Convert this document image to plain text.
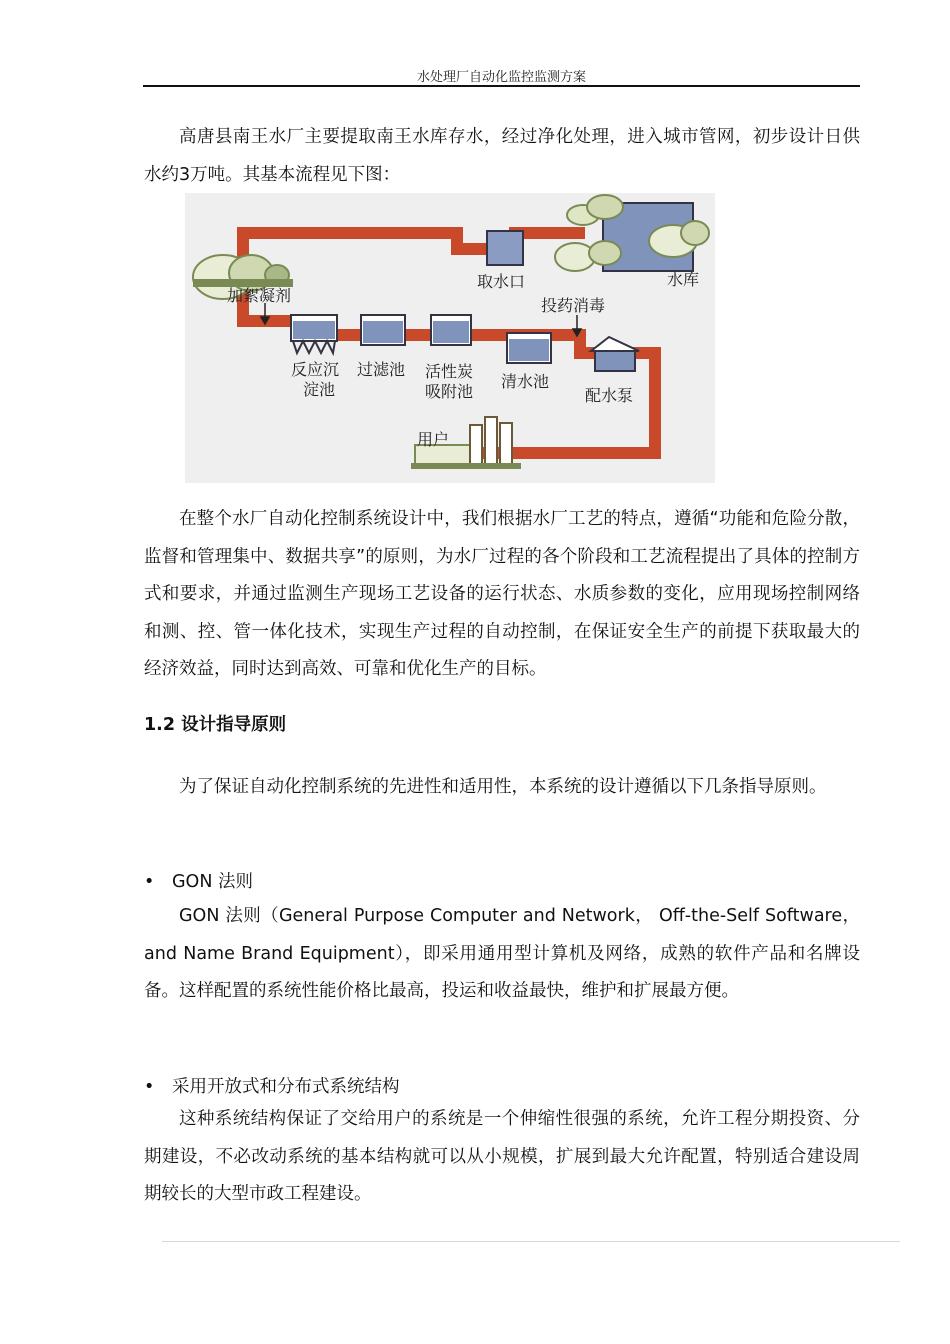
水处理厂自动化监控监测方案

高唐县南王水厂主要提取南王水库存水，经过净化处理，进入城市管网，初步设计日供水约3万吨。其基本流程见下图：

水库
取水口
加絮凝剂
投药消毒
反应沉
淀池
过滤池 活性炭
吸附池
清水池
配水泵
用户

在整个水厂自动化控制系统设计中，我们根据水厂工艺的特点，遵循“功能和危险分散，监督和管理集中、数据共享”的原则，为水厂过程的各个阶段和工艺流程提出了具体的控制方式和要求，并通过监测生产现场工艺设备的运行状态、水质参数的变化，应用现场控制网络和测、控、管一体化技术，实现生产过程的自动控制，在保证安全生产的前提下获取最大的经济效益，同时达到高效、可靠和优化生产的目标。

1.2 设计指导原则

为了保证自动化控制系统的先进性和适用性，本系统的设计遵循以下几条指导原则。

• GON 法则

GON 法则（General Purpose Computer and Network， Off-the-Self Software，and Name Brand Equipment），即采用通用型计算机及网络，成熟的软件产品和名牌设备。这样配置的系统性能价格比最高，投运和收益最快，维护和扩展最方便。

• 采用开放式和分布式系统结构

这种系统结构保证了交给用户的系统是一个伸缩性很强的系统，允许工程分期投资、分期建设，不必改动系统的基本结构就可以从小规模，扩展到最大允许配置，特别适合建设周期较长的大型市政工程建设。
